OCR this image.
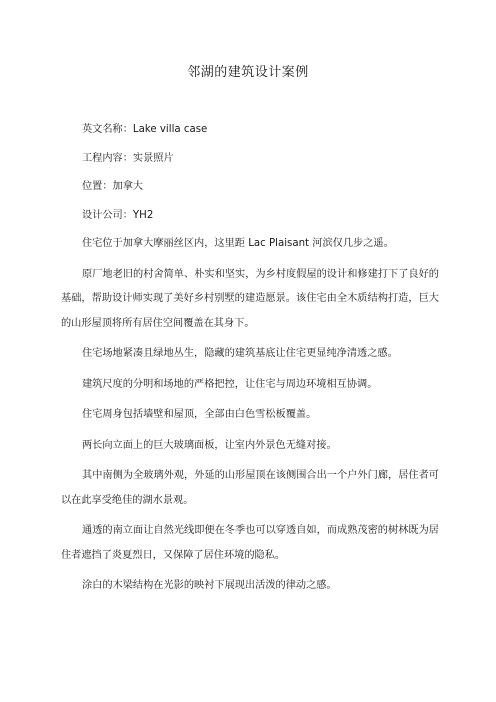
邻湖的建筑设计案例

英文名称：Lake villa case

工程内容：实景照片

位置：加拿大

设计公司：YH2

住宅位于加拿大摩丽丝区内，这里距 Lac Plaisant 河滨仅几步之遥。

原厂地老旧的村舍简单、朴实和坚实，为乡村度假屋的设计和修建打下了良好的基础，帮助设计师实现了美好乡村别墅的建造愿景。该住宅由全木质结构打造，巨大的山形屋顶将所有居住空间覆盖在其身下。

住宅场地紧凑且绿地丛生，隐藏的建筑基底让住宅更显纯净清透之感。

建筑尺度的分明和场地的严格把控，让住宅与周边环境相互协调。

住宅周身包括墙壁和屋顶，全部由白色雪松板覆盖。

两长向立面上的巨大玻璃面板，让室内外景色无缝对接。

其中南侧为全玻璃外观，外延的山形屋顶在该侧围合出一个户外门廊，居住者可以在此享受绝佳的湖水景观。

通透的南立面让自然光线即便在冬季也可以穿透自如，而成熟茂密的树林既为居住者遮挡了炎夏烈日，又保障了居住环境的隐私。

涂白的木梁结构在光影的映衬下展现出活泼的律动之感。
